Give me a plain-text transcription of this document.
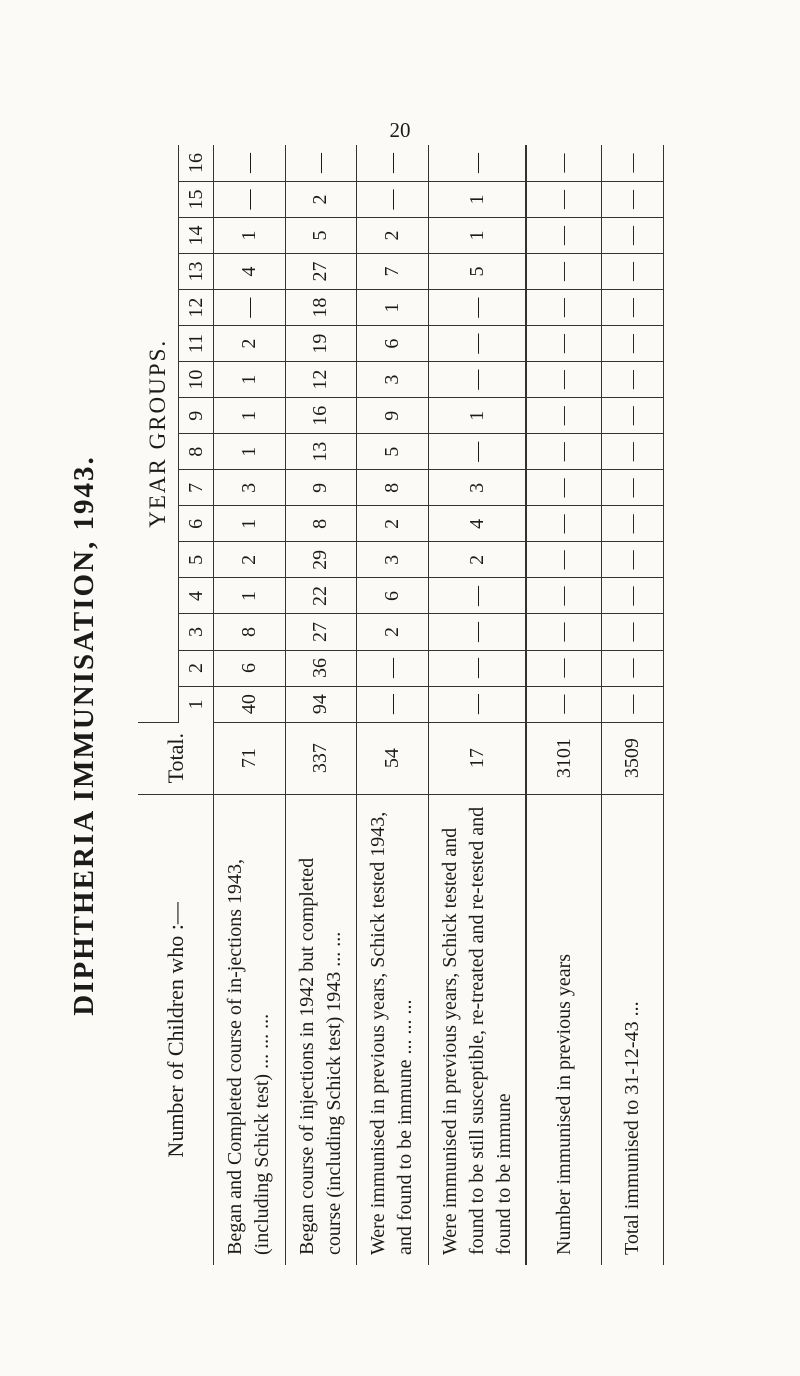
20
DIPHTHERIA IMMUNISATION, 1943.
Number of Children who :—	Total.	YEAR GROUPS.															
		1	2	3	4	5	6	7	8	9	10	11	12	13	14	15	16
Began and Completed course of in-jections 1943, (including Schick test) ... ... ...	71	40	6	8	1	2	1	3	1	1	1	2	—	4	1	—	—
Began course of injections in 1942 but completed course (including Schick test) 1943 ... ...	337	94	36	27	22	29	8	9	13	16	12	19	18	27	5	2	—
Were immunised in previous years, Schick tested 1943, and found to be immune ... ... ...	54	—	—	2	6	3	2	8	5	9	3	6	1	7	2	—	—
Were immunised in previous years, Schick tested and found to be still susceptible, re-treated and re-tested and found to be immune	17	—	—	—	—	2	4	3	—	1	—	—	—	5	1	1	—
Number immunised in previous years	3101	—	—	—	—	—	—	—	—	—	—	—	—	—	—	—	—
Total immunised to 31-12-43 ...	3509	—	—	—	—	—	—	—	—	—	—	—	—	—	—	—	—
